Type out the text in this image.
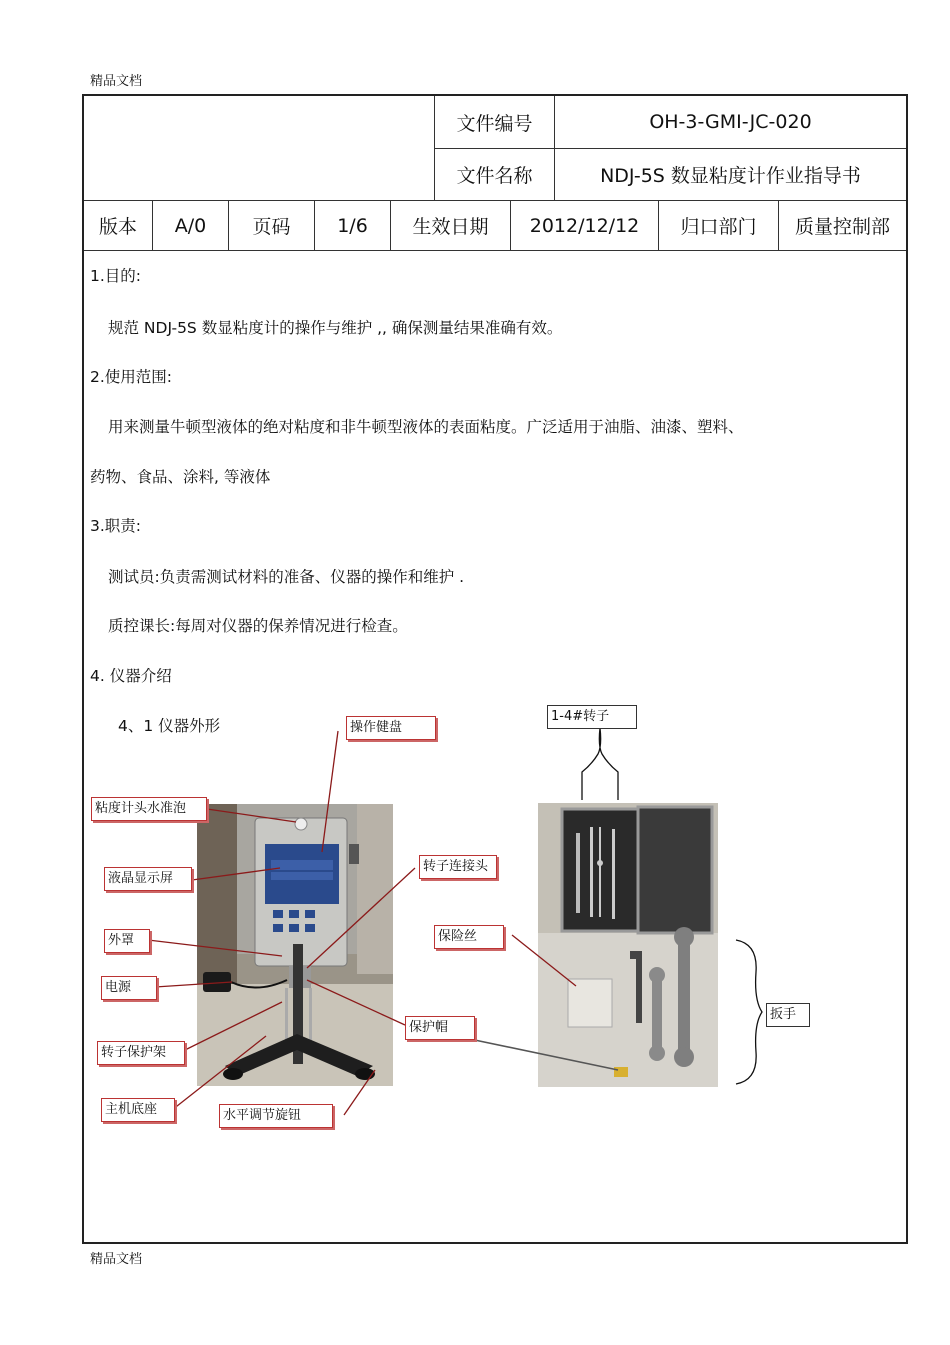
精品文档
精品文档
文件编号	OH-3-GMI-JC-020
文件名称	NDJ-5S 数显粘度计作业指导书
版本	A/0	页码	1/6	生效日期	2012/12/12	归口部门	质量控制部
1.目的:
规范 NDJ-5S 数显粘度计的操作与维护 ,, 确保测量结果准确有效。
2.使用范围:
用来测量牛顿型液体的绝对粘度和非牛顿型液体的表面粘度。广泛适用于油脂、油漆、塑料、
药物、食品、涂料, 等液体
3.职责:
测试员:负责需测试材料的准备、仪器的操作和维护 .
质控课长:每周对仪器的保养情况进行检查。
4. 仪器介绍
4、1 仪器外形	操作健盘
粘度计头水准泡
液晶显示屏
外罩
电源
转子保护架
主机底座	水平调节旋钮
转子连接头
保护帽
1-4#转子
保险丝
扳手
